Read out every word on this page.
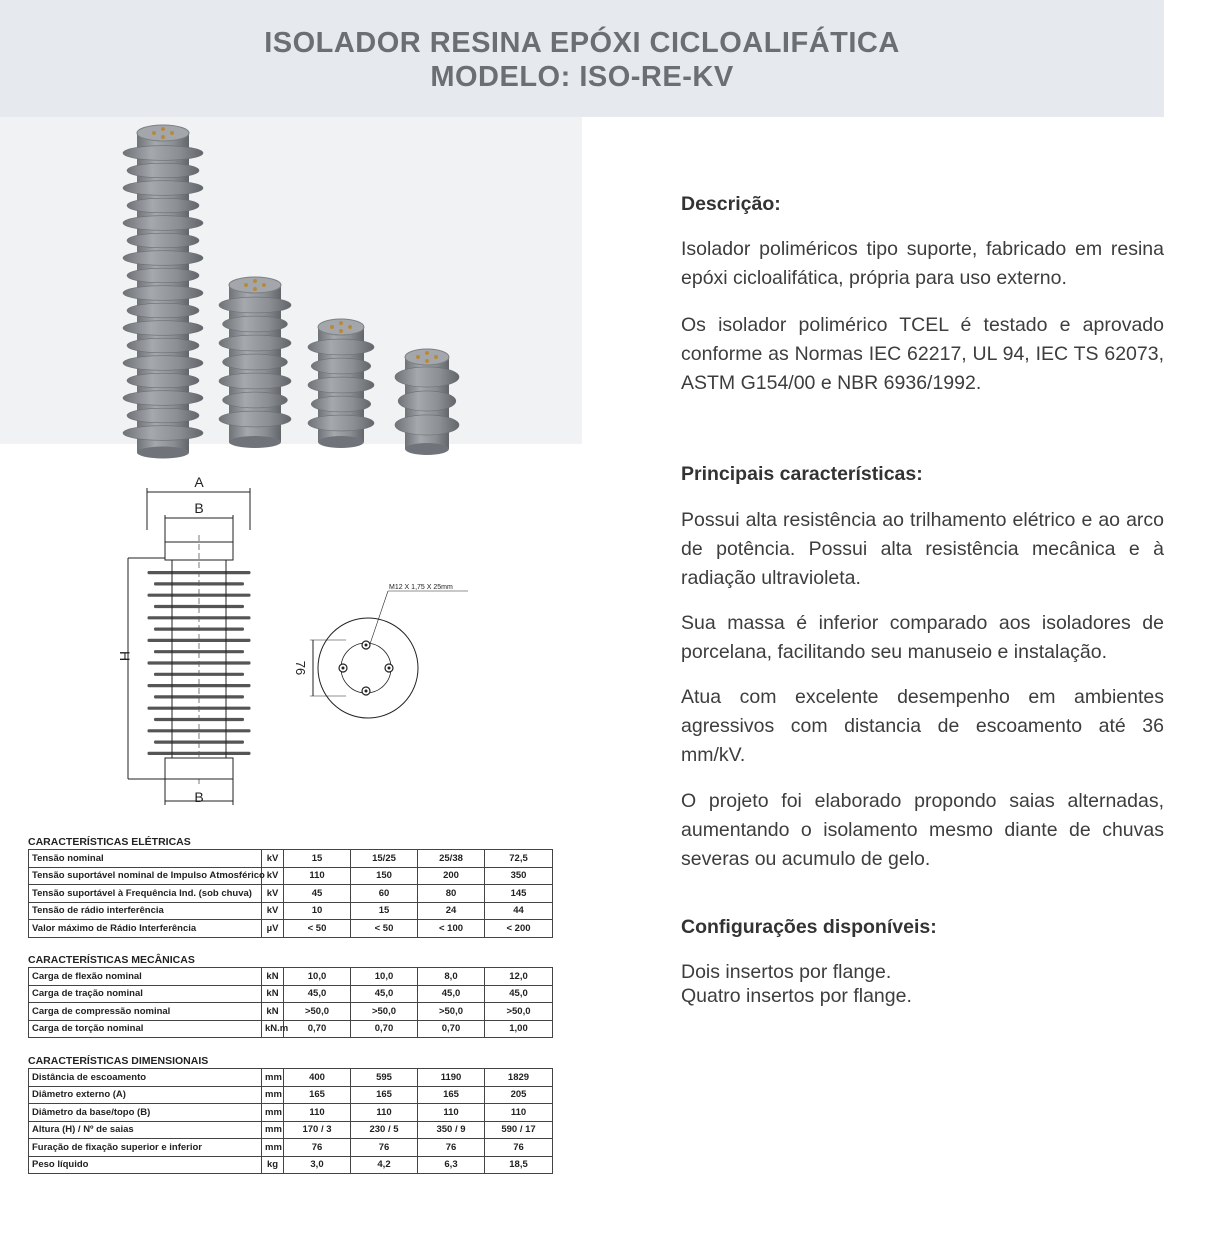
ISOLADOR RESINA EPÓXI CICLOALIFÁTICA
MODELO: ISO-RE-KV
Descrição:
Isolador poliméricos tipo suporte, fabricado em resina epóxi cicloalifática, própria para uso externo.
Os isolador polimérico TCEL é testado e aprovado conforme as Normas IEC 62217, UL 94, IEC TS 62073, ASTM G154/00 e NBR 6936/1992.
Principais características:
Possui alta resistência ao trilhamento elétrico e ao arco de potência. Possui alta resistência mecânica e à radiação ultravioleta.
Sua massa é inferior comparado aos isoladores de porcelana, facilitando seu manuseio e instalação.
Atua com excelente desempenho em ambientes agressivos com distancia de escoamento até 36 mm/kV.
O projeto foi elaborado propondo saias alternadas, aumentando o isolamento mesmo diante de chuvas severas ou acumulo de gelo.
Configurações disponíveis:
Dois insertos por flange.
Quatro insertos por flange.
A
B
B
H
76
M12 X 1,75 X 25mm
CARACTERÍSTICAS ELÉTRICAS
Tensão nominal	kV	15	15/25	25/38	72,5
Tensão suportável nominal de Impulso Atmosférico	kV	110	150	200	350
Tensão suportável à Frequência Ind. (sob chuva)	kV	45	60	80	145
Tensão de rádio interferência	kV	10	15	24	44
Valor máximo de Rádio Interferência	µV	< 50	< 50	< 100	< 200
CARACTERÍSTICAS MECÂNICAS
Carga de flexão nominal	kN	10,0	10,0	8,0	12,0
Carga de tração nominal	kN	45,0	45,0	45,0	45,0
Carga de compressão nominal	kN	>50,0	>50,0	>50,0	>50,0
Carga de torção nominal	kN.m	0,70	0,70	0,70	1,00
CARACTERÍSTICAS DIMENSIONAIS
Distância de escoamento	mm	400	595	1190	1829
Diâmetro externo (A)	mm	165	165	165	205
Diâmetro da base/topo (B)	mm	110	110	110	110
Altura (H) / Nº de saias	mm	170 / 3	230 / 5	350 / 9	590 / 17
Furação de fixação superior e inferior	mm	76	76	76	76
Peso líquido	kg	3,0	4,2	6,3	18,5
